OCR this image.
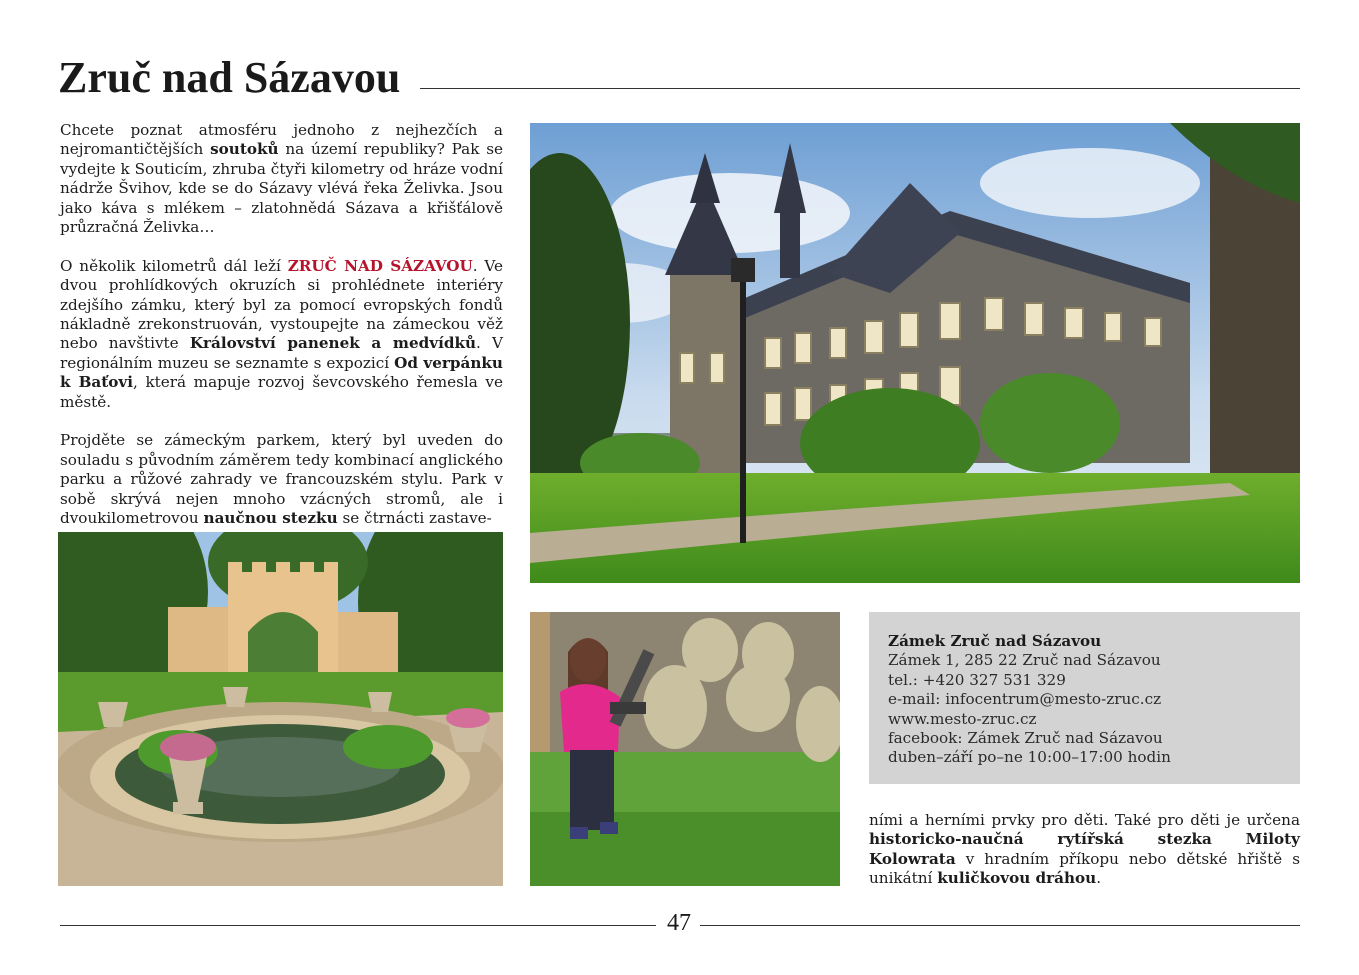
Zruč nad Sázavou

Chcete poznat atmosféru jednoho z nejhezčích a nejromantičtějších soutoků na území republiky? Pak se vydejte k Souticím, zhruba čtyři kilometry od hráze vodní nádrže Švihov, kde se do Sázavy vlévá řeka Želivka. Jsou jako káva s mlékem – zlatohnědá Sázava a křišťálově průzračná Želivka…

O několik kilometrů dál leží ZRUČ NAD SÁZAVOU. Ve dvou prohlídkových okruzích si prohlédnete interiéry zdejšího zámku, který byl za pomocí evropských fondů nákladně zrekonstruován, vystoupejte na zámeckou věž nebo navštivte Království panenek a medvídků. V regionálním muzeu se seznamte s expozicí Od verpánku k Baťovi, která mapuje rozvoj ševcovského řemesla ve městě.

Projděte se zámeckým parkem, který byl uveden do souladu s původním záměrem tedy kombinací anglického parku a růžové zahrady ve francouzském stylu. Park v sobě skrývá nejen mnoho vzácných stromů, ale i dvoukilometrovou naučnou stezku se čtrnácti zastave-

Zámek Zruč nad Sázavou
Zámek 1, 285 22 Zruč nad Sázavou
tel.: +420 327 531 329
e-mail: infocentrum@mesto-zruc.cz
www.mesto-zruc.cz
facebook: Zámek Zruč nad Sázavou
duben–září po–ne 10:00–17:00 hodin
ními a herními prvky pro děti. Také pro děti je určena historicko-naučná rytířská stezka Miloty Kolowrata v hradním příkopu nebo dětské hřiště s unikátní kuličkovou dráhou.
47
